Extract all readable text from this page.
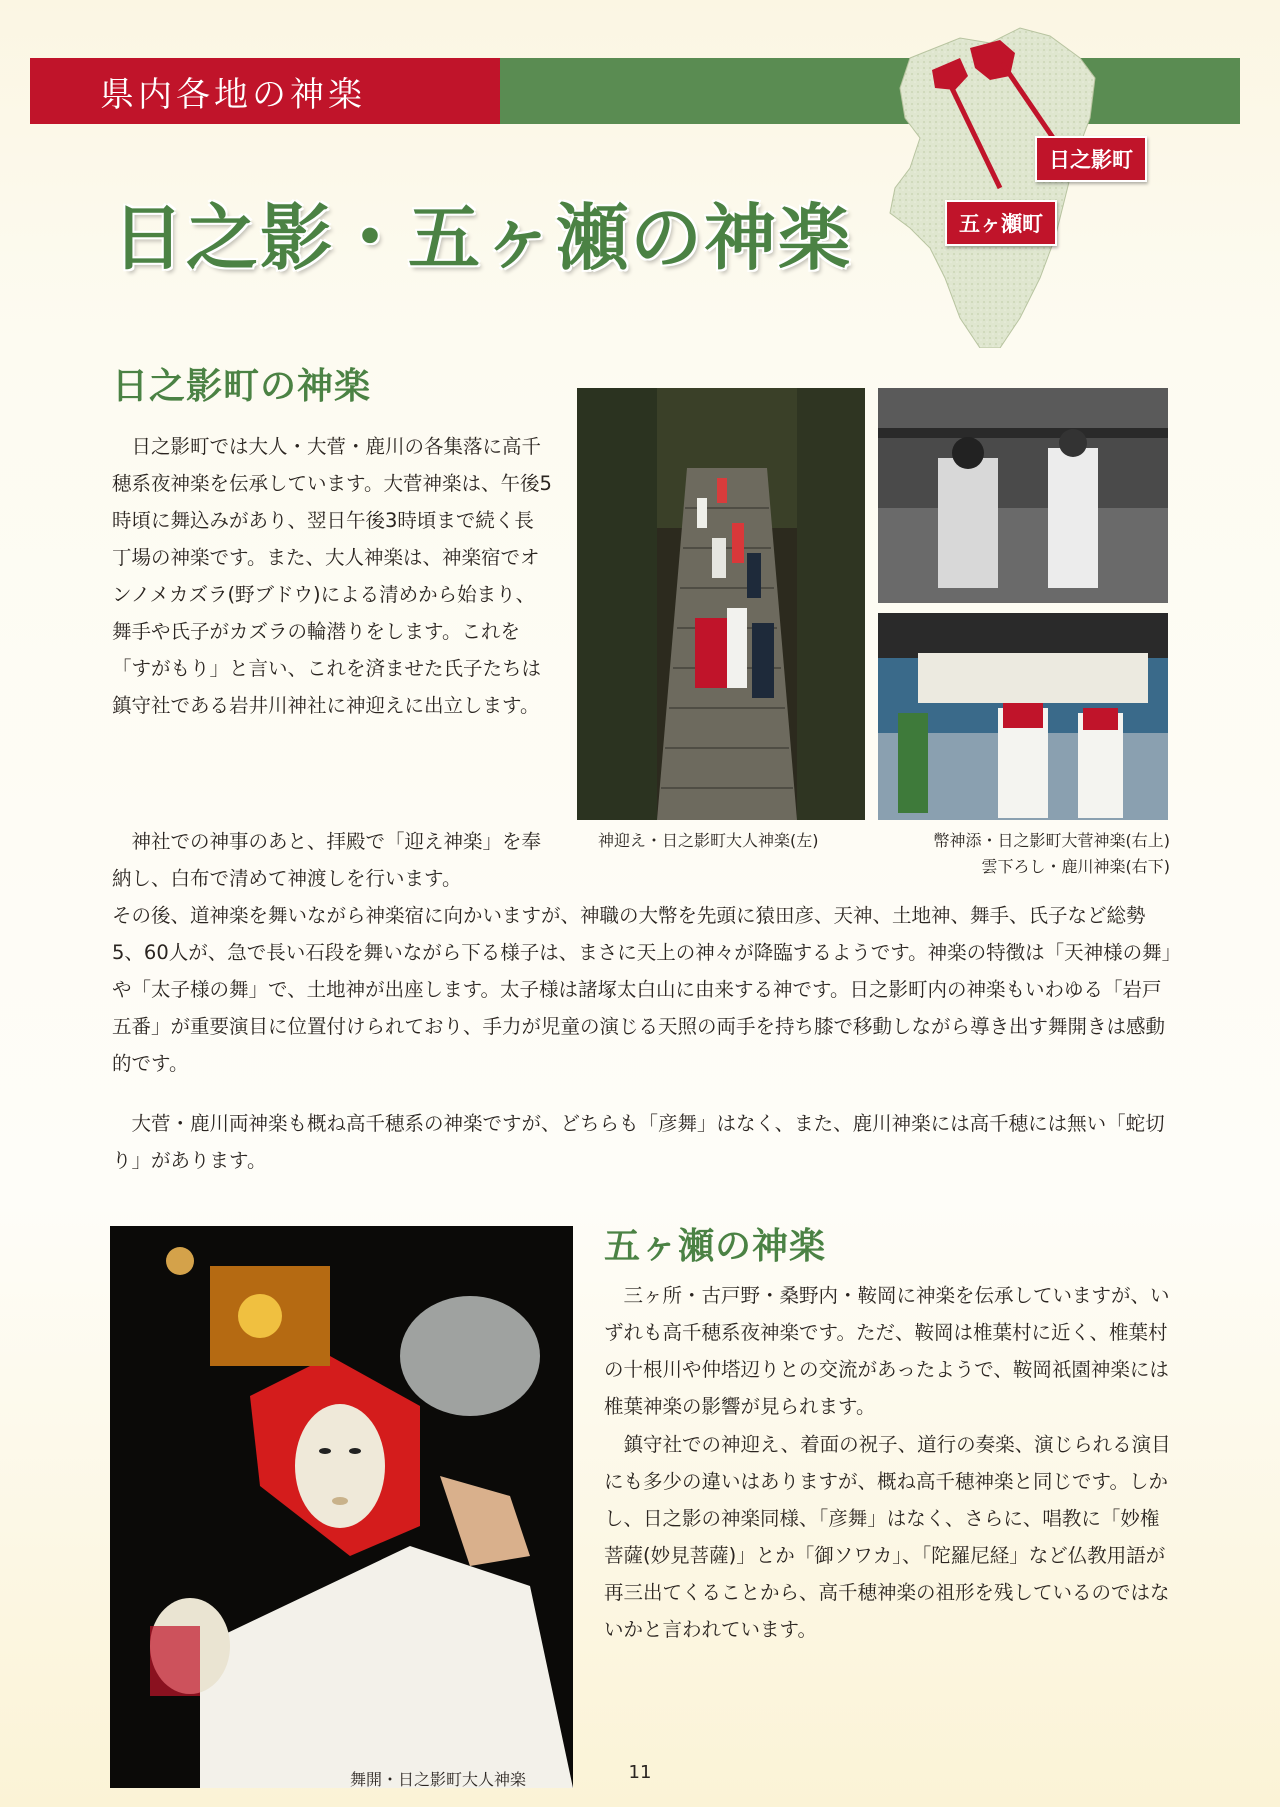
県内各地の神楽
日之影町
五ヶ瀬町
日之影・五ヶ瀬の神楽
日之影町の神楽

日之影町では大人・大菅・鹿川の各集落に高千穂系夜神楽を伝承しています。大菅神楽は、午後5時頃に舞込みがあり、翌日午後3時頃まで続く長丁場の神楽です。また、大人神楽は、神楽宿でオンノメカズラ(野ブドウ)による清めから始まり、舞手や氏子がカズラの輪潜りをします。これを「すがもり」と言い、これを済ませた氏子たちは鎮守社である岩井川神社に神迎えに出立します。

神社での神事のあと、拝殿で「迎え神楽」を奉納し、白布で清めて神渡しを行います。

その後、道神楽を舞いながら神楽宿に向かいますが、神職の大幣を先頭に猿田彦、天神、土地神、舞手、氏子など総勢5、60人が、急で長い石段を舞いながら下る様子は、まさに天上の神々が降臨するようです。神楽の特徴は「天神様の舞」や「太子様の舞」で、土地神が出座します。太子様は諸塚太白山に由来する神です。日之影町内の神楽もいわゆる「岩戸五番」が重要演目に位置付けられており、手力が児童の演じる天照の両手を持ち膝で移動しながら導き出す舞開きは感動的です。

大菅・鹿川両神楽も概ね高千穂系の神楽ですが、どちらも「彦舞」はなく、また、鹿川神楽には高千穂には無い「蛇切り」があります。

神迎え・日之影町大人神楽(左)	幣神添・日之影町大菅神楽(右上)

雲下ろし・鹿川神楽(右下)

舞開・日之影町大人神楽

五ヶ瀬の神楽

三ヶ所・古戸野・桑野内・鞍岡に神楽を伝承していますが、いずれも高千穂系夜神楽です。ただ、鞍岡は椎葉村に近く、椎葉村の十根川や仲塔辺りとの交流があったようで、鞍岡祇園神楽には椎葉神楽の影響が見られます。

鎮守社での神迎え、着面の祝子、道行の奏楽、演じられる演目にも多少の違いはありますが、概ね高千穂神楽と同じです。しかし、日之影の神楽同様、「彦舞」はなく、さらに、唱教に「妙権菩薩(妙見菩薩)」とか「御ソワカ」、「陀羅尼経」など仏教用語が再三出てくることから、高千穂神楽の祖形を残しているのではないかと言われています。

11
